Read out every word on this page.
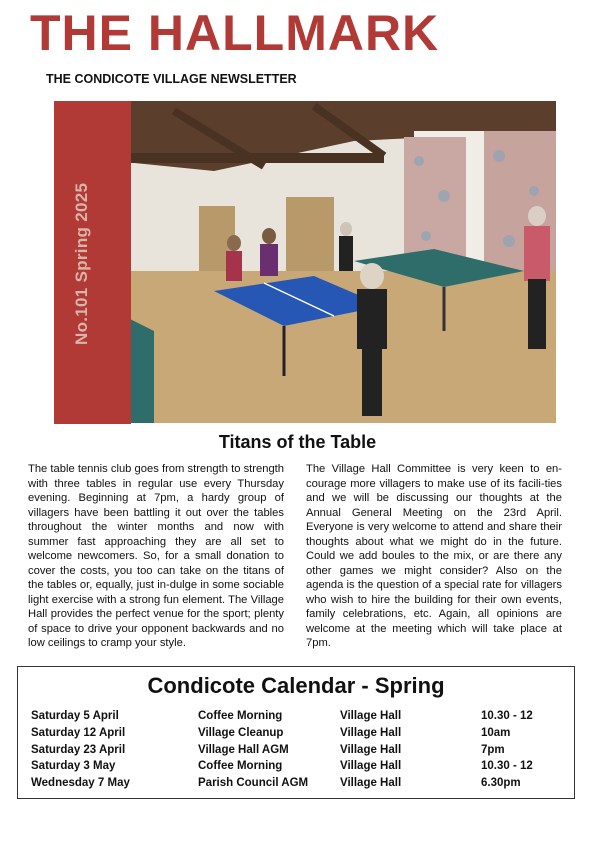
THE HALLMARK
THE CONDICOTE VILLAGE NEWSLETTER
No.101 Spring 2025
Titans of the Table
The table tennis club goes from strength to strength with three tables in regular use every Thursday evening. Beginning at 7pm, a hardy group of villagers have been battling it out over the tables throughout the winter months and now with summer fast approaching they are all set to welcome newcomers. So, for a small donation to cover the costs, you too can take on the titans of the tables or, equally, just in-dulge in some sociable light exercise with a strong fun element. The Village Hall provides the perfect venue for the sport; plenty of space to drive your opponent backwards and no low ceilings to cramp your style.
The Village Hall Committee is very keen to en-courage more villagers to make use of its facili-ties and we will be discussing our thoughts at the Annual General Meeting on the 23rd April. Everyone is very welcome to attend and share their thoughts about what we might do in the future. Could we add boules to the mix, or are there any other games we might consider? Also on the agenda is the question of a special rate for villagers who wish to hire the building for their own events, family celebrations, etc. Again, all opinions are welcome at the meeting which will take place at 7pm.
Condicote Calendar - Spring
Saturday 5 April	Coffee Morning	Village Hall	10.30 - 12
Saturday 12 April	Village Cleanup	Village Hall	10am
Saturday 23 April	Village Hall AGM	Village Hall	7pm
Saturday 3 May	Coffee Morning	Village Hall	10.30 - 12
Wednesday 7 May	Parish Council AGM	Village Hall	6.30pm
